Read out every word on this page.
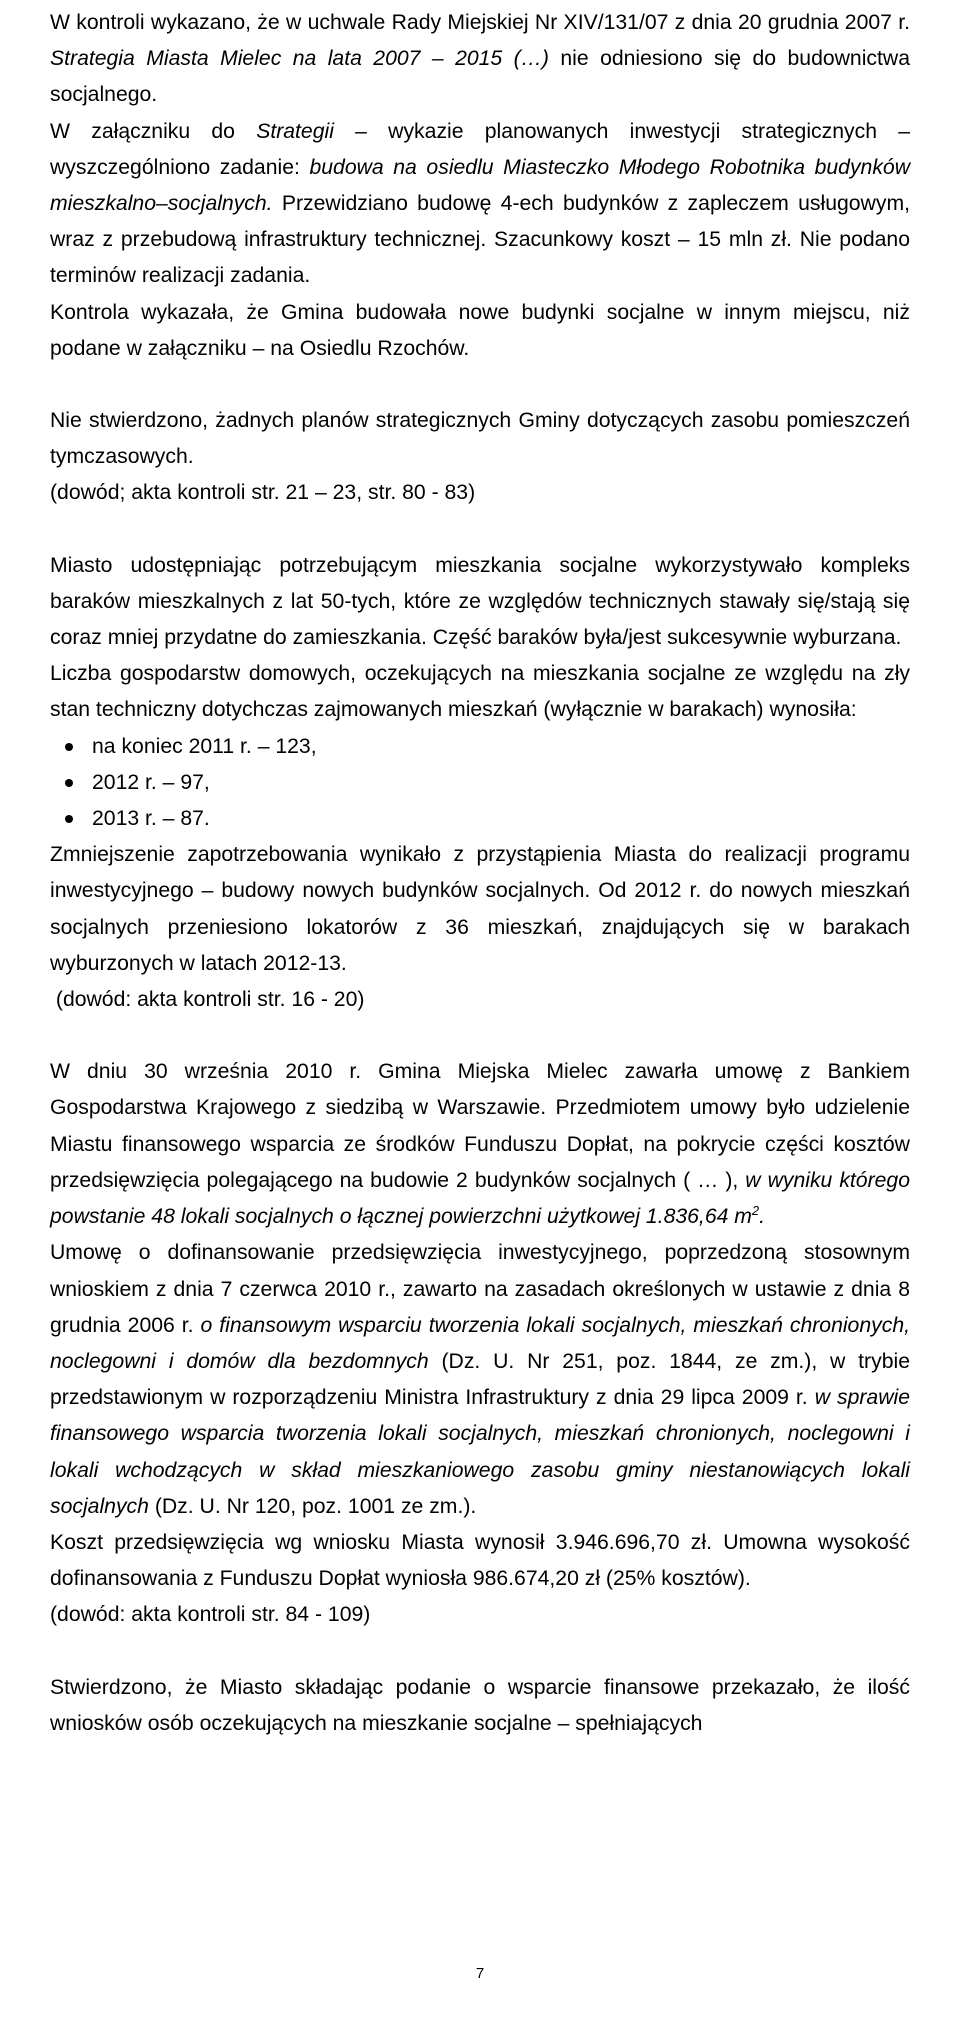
W kontroli wykazano, że w uchwale Rady Miejskiej Nr XIV/131/07 z dnia 20 grudnia 2007 r. Strategia Miasta Mielec na lata 2007 – 2015 (…) nie odniesiono się do budownictwa socjalnego.

W załączniku do Strategii – wykazie planowanych inwestycji strategicznych – wyszczególniono zadanie: budowa na osiedlu Miasteczko Młodego Robotnika budynków mieszkalno–socjalnych. Przewidziano budowę 4-ech budynków z zapleczem usługowym, wraz z przebudową infrastruktury technicznej. Szacunkowy koszt – 15 mln zł. Nie podano terminów realizacji zadania.

Kontrola wykazała, że Gmina budowała nowe budynki socjalne w innym miejscu, niż podane w załączniku – na Osiedlu Rzochów.

Nie stwierdzono, żadnych planów strategicznych Gminy dotyczących zasobu pomieszczeń tymczasowych.

(dowód; akta kontroli str. 21 – 23, str. 80 - 83)

Miasto udostępniając potrzebującym mieszkania socjalne wykorzystywało kompleks baraków mieszkalnych z lat 50-tych, które ze względów technicznych stawały się/stają się coraz mniej przydatne do zamieszkania. Część baraków była/jest sukcesywnie wyburzana.

Liczba gospodarstw domowych, oczekujących na mieszkania socjalne ze względu na zły stan techniczny dotychczas zajmowanych mieszkań (wyłącznie w barakach) wynosiła:

na koniec 2011 r. – 123,
2012 r. – 97,
2013 r. – 87.

Zmniejszenie zapotrzebowania wynikało z przystąpienia Miasta do realizacji programu inwestycyjnego – budowy nowych budynków socjalnych. Od 2012 r. do nowych mieszkań socjalnych przeniesiono lokatorów z 36 mieszkań, znajdujących się w barakach wyburzonych w latach 2012-13.

(dowód: akta kontroli str. 16 - 20)

W dniu 30 września 2010 r. Gmina Miejska Mielec zawarła umowę z Bankiem Gospodarstwa Krajowego z siedzibą w Warszawie. Przedmiotem umowy było udzielenie Miastu finansowego wsparcia ze środków Funduszu Dopłat, na pokrycie części kosztów przedsięwzięcia polegającego na budowie 2 budynków socjalnych ( … ), w wyniku którego powstanie 48 lokali socjalnych o łącznej powierzchni użytkowej 1.836,64 $m^2$.

Umowę o dofinansowanie przedsięwzięcia inwestycyjnego, poprzedzoną stosownym wnioskiem z dnia 7 czerwca 2010 r., zawarto na zasadach określonych w ustawie z dnia 8 grudnia 2006 r. o finansowym wsparciu tworzenia lokali socjalnych, mieszkań chronionych, noclegowni i domów dla bezdomnych (Dz. U. Nr 251, poz. 1844, ze zm.), w trybie przedstawionym w rozporządzeniu Ministra Infrastruktury z dnia 29 lipca 2009 r. w sprawie finansowego wsparcia tworzenia lokali socjalnych, mieszkań chronionych, noclegowni i lokali wchodzących w skład mieszkaniowego zasobu gminy niestanowiących lokali socjalnych (Dz. U. Nr 120, poz. 1001 ze zm.).

Koszt przedsięwzięcia wg wniosku Miasta wynosił 3.946.696,70 zł. Umowna wysokość dofinansowania z Funduszu Dopłat wyniosła 986.674,20 zł (25% kosztów).

(dowód: akta kontroli str. 84 - 109)

Stwierdzono, że Miasto składając podanie o wsparcie finansowe przekazało, że ilość wniosków osób oczekujących na mieszkanie socjalne – spełniających

7
